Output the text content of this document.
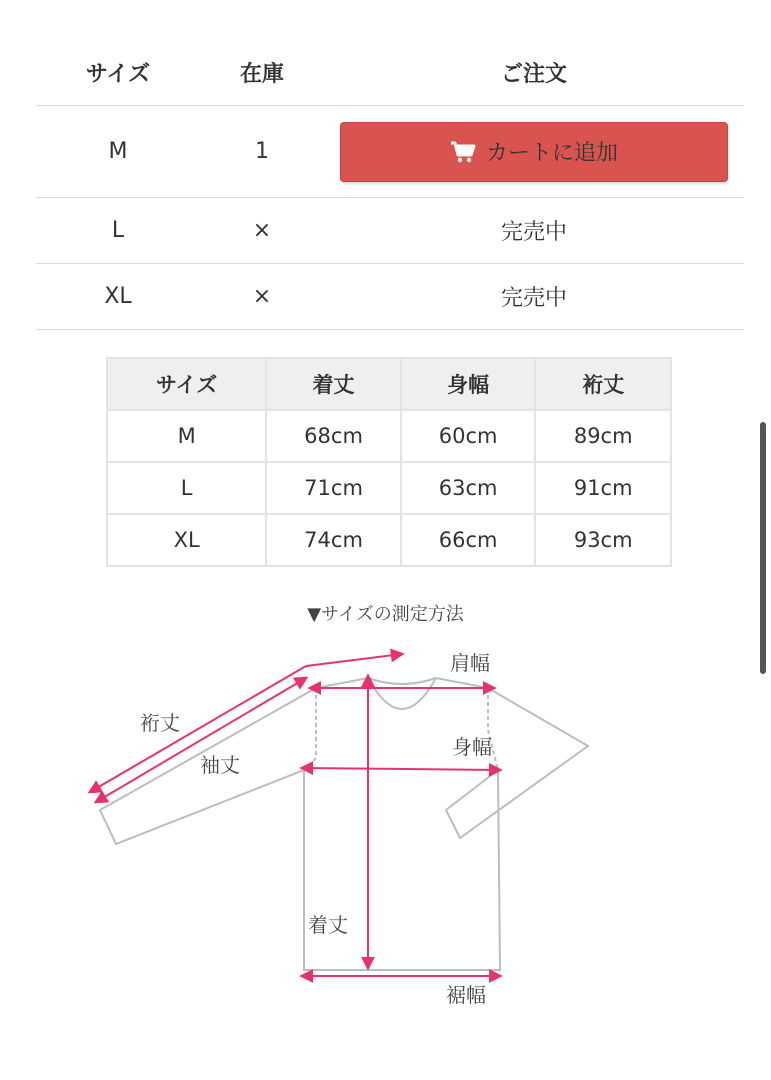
サイズ	在庫	ご注文
M	1	カートに追加
L	×	完売中
XL	×	完売中
サイズ	着丈	身幅	裄丈
M	68cm	60cm	89cm
L	71cm	63cm	91cm
XL	74cm	66cm	93cm
▼サイズの測定方法
肩幅
身幅
裄丈
袖丈
着丈
裾幅
